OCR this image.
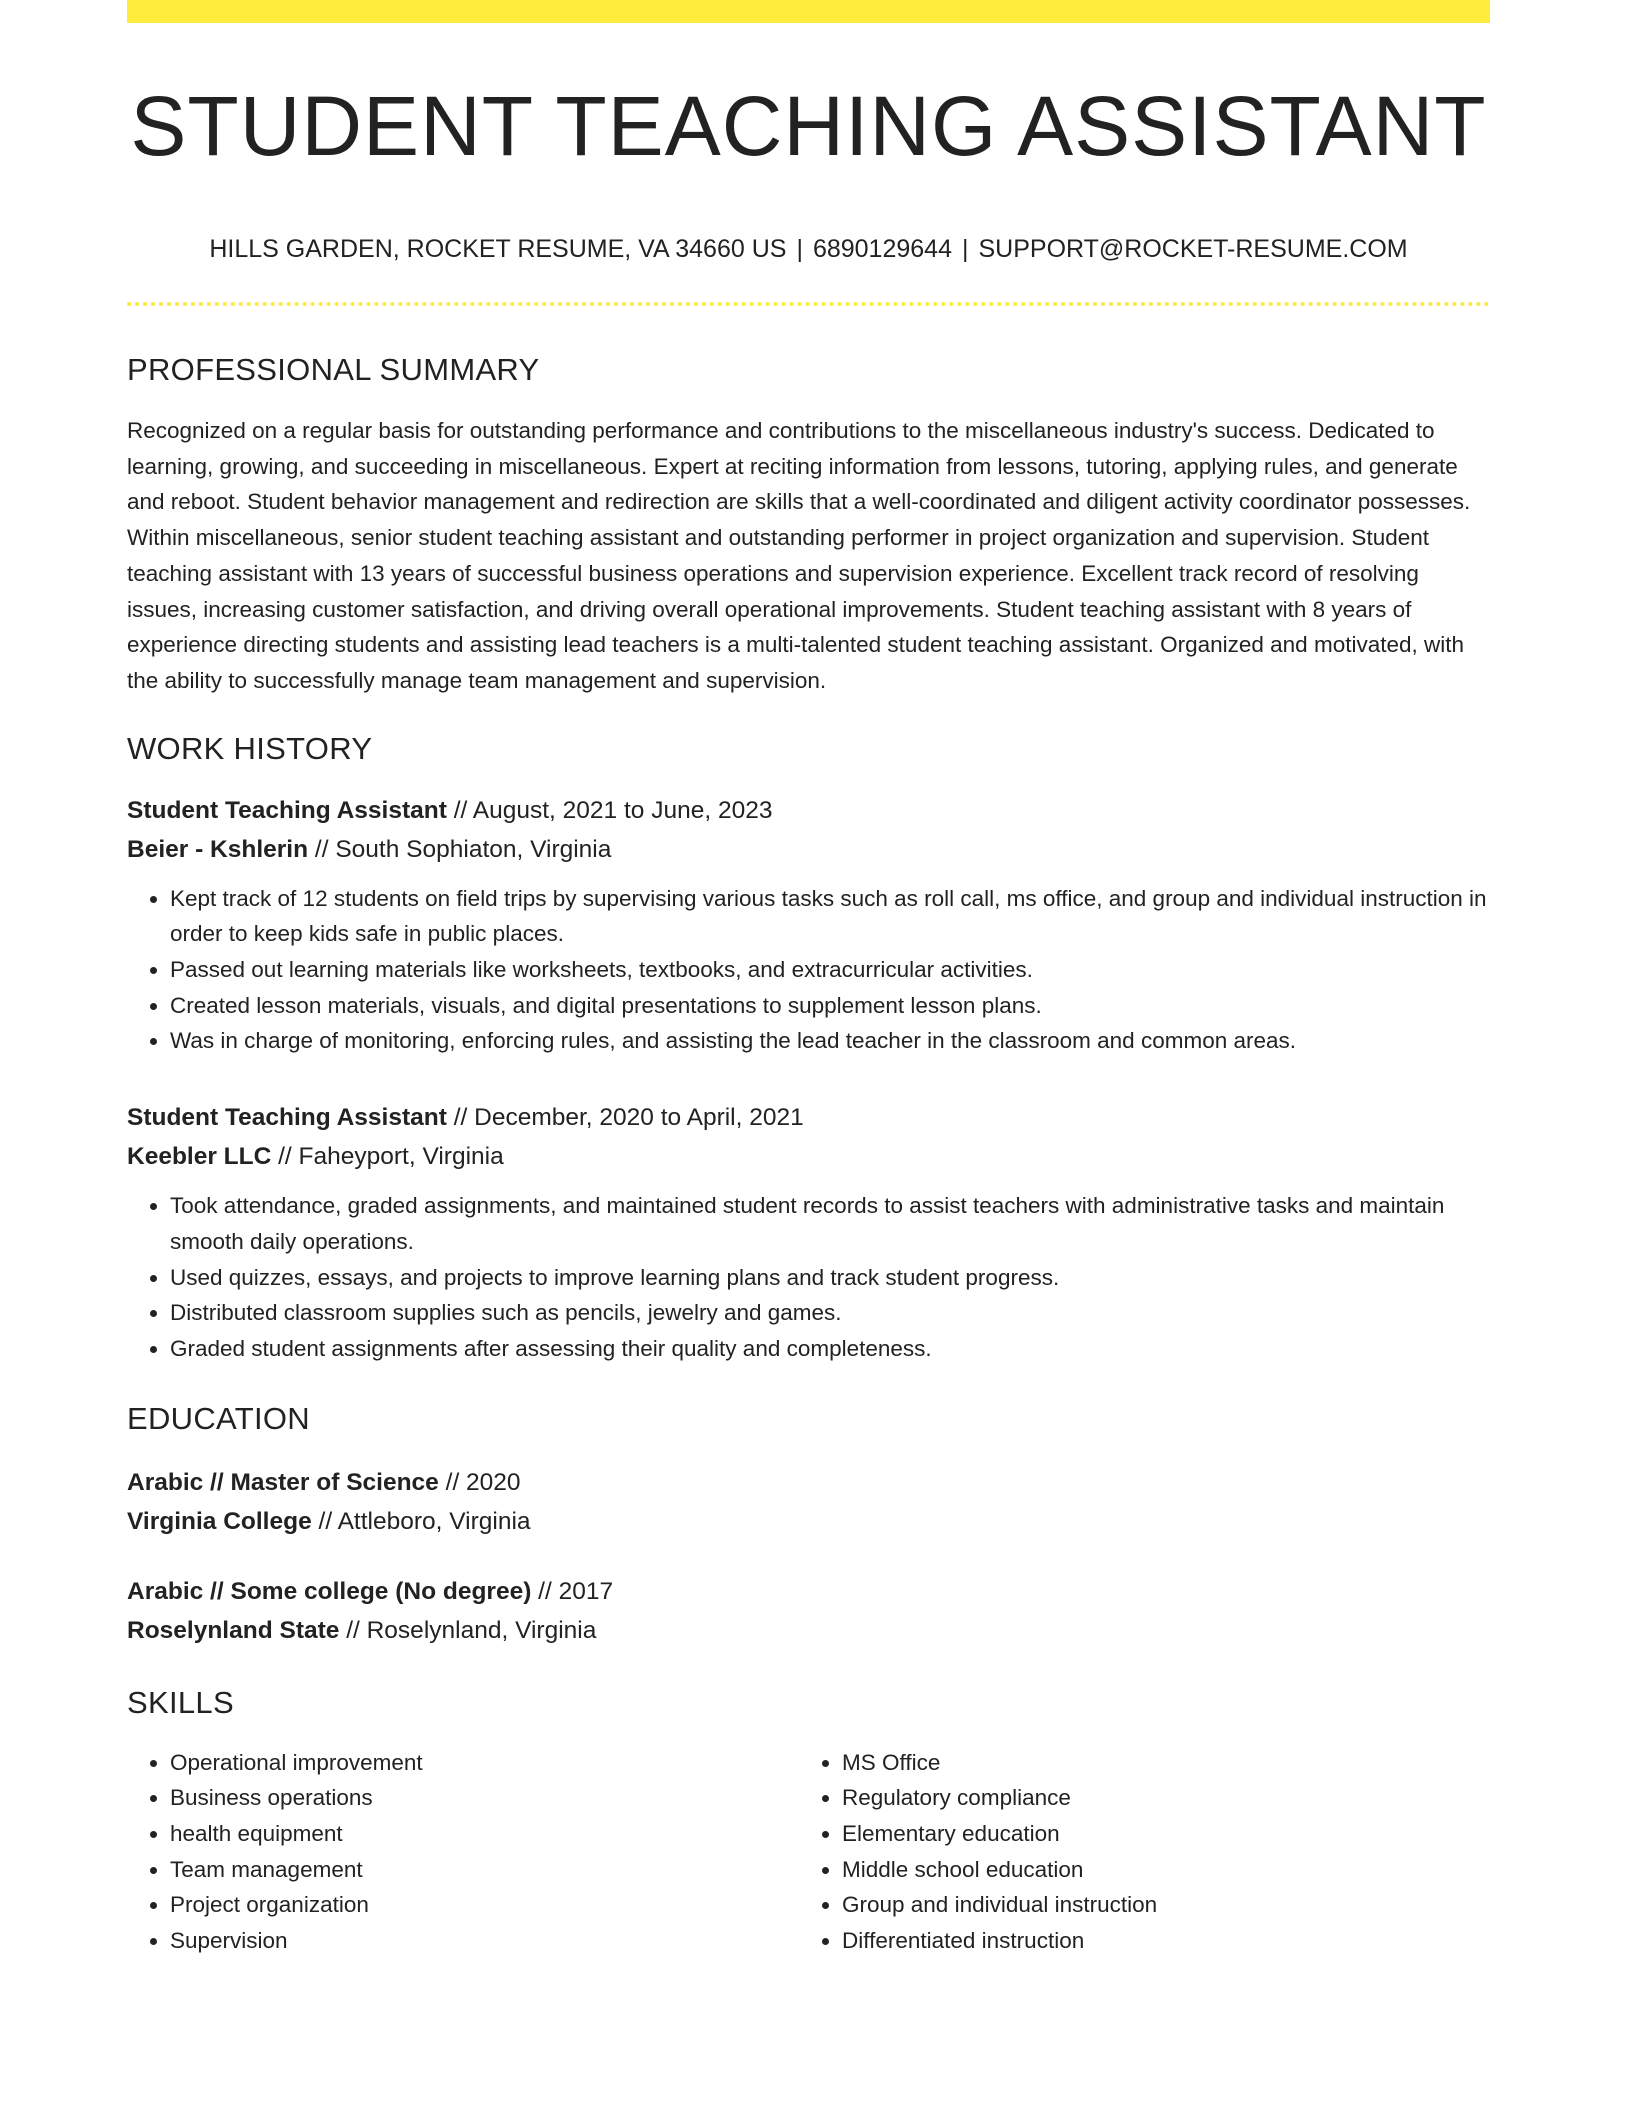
STUDENT TEACHING ASSISTANT
HILLS GARDEN, ROCKET RESUME, VA 34660 US | 6890129644 | SUPPORT@ROCKET-RESUME.COM
PROFESSIONAL SUMMARY
Recognized on a regular basis for outstanding performance and contributions to the miscellaneous industry's success. Dedicated to learning, growing, and succeeding in miscellaneous. Expert at reciting information from lessons, tutoring, applying rules, and generate and reboot. Student behavior management and redirection are skills that a well-coordinated and diligent activity coordinator possesses. Within miscellaneous, senior student teaching assistant and outstanding performer in project organization and supervision. Student teaching assistant with 13 years of successful business operations and supervision experience. Excellent track record of resolving issues, increasing customer satisfaction, and driving overall operational improvements. Student teaching assistant with 8 years of experience directing students and assisting lead teachers is a multi-talented student teaching assistant. Organized and motivated, with the ability to successfully manage team management and supervision.
WORK HISTORY
Student Teaching Assistant // August, 2021 to June, 2023
Beier - Kshlerin // South Sophiaton, Virginia
• Kept track of 12 students on field trips by supervising various tasks such as roll call, ms office, and group and individual instruction in order to keep kids safe in public places.
• Passed out learning materials like worksheets, textbooks, and extracurricular activities.
• Created lesson materials, visuals, and digital presentations to supplement lesson plans.
• Was in charge of monitoring, enforcing rules, and assisting the lead teacher in the classroom and common areas.
Student Teaching Assistant // December, 2020 to April, 2021
Keebler LLC // Faheyport, Virginia
• Took attendance, graded assignments, and maintained student records to assist teachers with administrative tasks and maintain smooth daily operations.
• Used quizzes, essays, and projects to improve learning plans and track student progress.
• Distributed classroom supplies such as pencils, jewelry and games.
• Graded student assignments after assessing their quality and completeness.
EDUCATION
Arabic // Master of Science // 2020
Virginia College // Attleboro, Virginia
Arabic // Some college (No degree) // 2017
Roselynland State // Roselynland, Virginia
SKILLS
• Operational improvement
• Business operations
• health equipment
• Team management
• Project organization
• Supervision
• MS Office
• Regulatory compliance
• Elementary education
• Middle school education
• Group and individual instruction
• Differentiated instruction
